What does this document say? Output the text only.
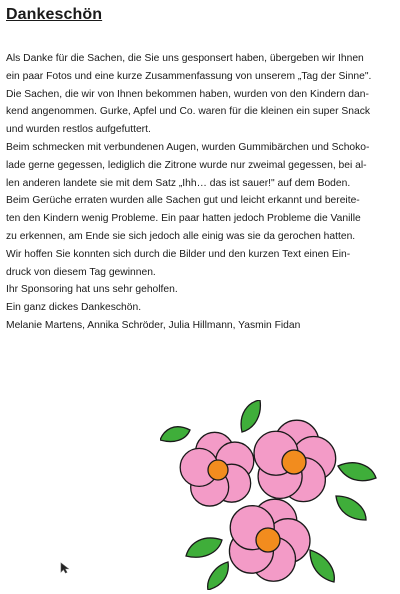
Dankeschön

Als Danke für die Sachen, die Sie uns gesponsert haben, übergeben wir Ihnen

ein paar Fotos und eine kurze Zusammenfassung von unserem „Tag der Sinne".

Die Sachen, die wir von Ihnen bekommen haben, wurden von den Kindern dan-

kend angenommen. Gurke, Apfel und Co. waren für die kleinen ein super Snack

und wurden restlos aufgefuttert.

Beim schmecken mit verbundenen Augen, wurden Gummibärchen und Schoko-

lade gerne gegessen, lediglich die Zitrone wurde nur zweimal gegessen, bei al-

len anderen landete sie mit dem Satz „Ihh… das ist sauer!" auf dem Boden.

Beim Gerüche erraten wurden alle Sachen gut und leicht erkannt und bereite-

ten den Kindern wenig Probleme. Ein paar hatten jedoch Probleme die Vanille

zu erkennen, am Ende sie sich jedoch alle einig was sie da gerochen hatten.

Wir hoffen Sie konnten sich durch die Bilder und den kurzen Text einen Ein-

druck von diesem Tag gewinnen.

Ihr Sponsoring hat uns sehr geholfen.

Ein ganz dickes Dankeschön.

Melanie Martens, Annika Schröder, Julia Hillmann, Yasmin Fidan
